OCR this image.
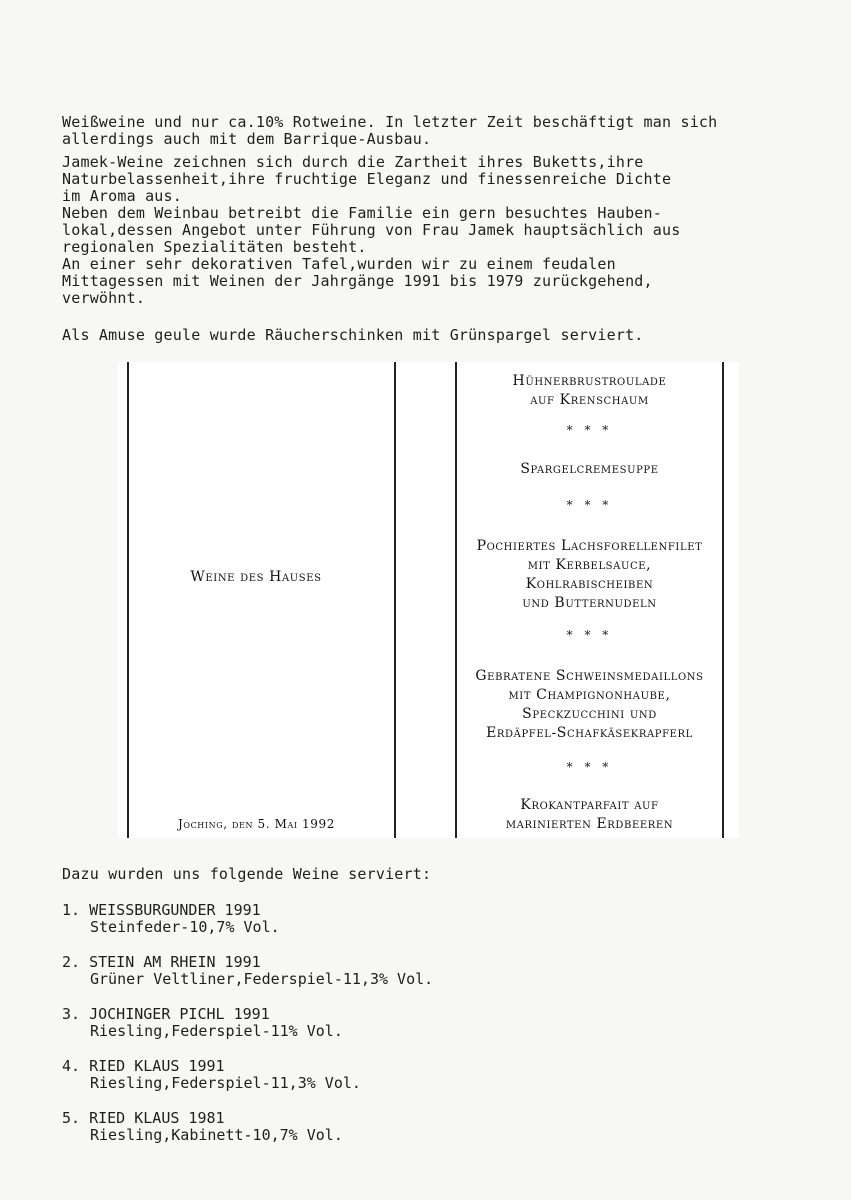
Weißweine und nur ca.10% Rotweine. In letzter Zeit beschäftigt man sich
allerdings auch mit dem Barrique-Ausbau.
Jamek-Weine zeichnen sich durch die Zartheit ihres Buketts,ihre
Naturbelassenheit,ihre fruchtige Eleganz und finessenreiche Dichte
im Aroma aus.
Neben dem Weinbau betreibt die Familie ein gern besuchtes Hauben-
lokal,dessen Angebot unter Führung von Frau Jamek hauptsächlich aus
regionalen Spezialitäten besteht.
An einer sehr dekorativen Tafel,wurden wir zu einem feudalen
Mittagessen mit Weinen der Jahrgänge 1991 bis 1979 zurückgehend,
verwöhnt.
Als Amuse geule wurde Räucherschinken mit Grünspargel serviert.
Weine des Hauses
Joching, den 5. Mai 1992
Hühnerbrustroulade
auf Krenschaum
* * *
Spargelcremesuppe
* * *
Pochiertes Lachsforellenfilet
mit Kerbelsauce,
Kohlrabischeiben
und Butternudeln
* * *
Gebratene Schweinsmedaillons
mit Champignonhaube,
Speckzucchini und
Erdäpfel-Schafkäsekrapferl
* * *
Krokantparfait auf
marinierten Erdbeeren
Dazu wurden uns folgende Weine serviert:
1. WEISSBURGUNDER 1991
Steinfeder-10,7% Vol.
2. STEIN AM RHEIN 1991
Grüner Veltliner,Federspiel-11,3% Vol.
3. JOCHINGER PICHL 1991
Riesling,Federspiel-11% Vol.
4. RIED KLAUS 1991
Riesling,Federspiel-11,3% Vol.
5. RIED KLAUS 1981
Riesling,Kabinett-10,7% Vol.
